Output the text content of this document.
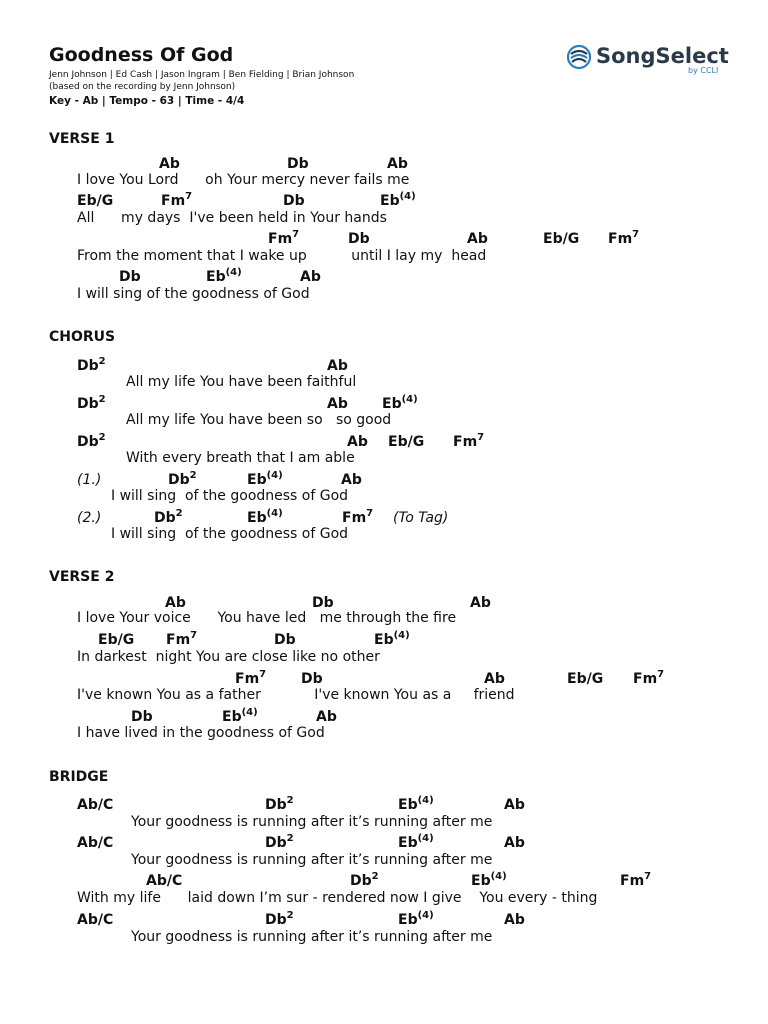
Goodness Of God
Jenn Johnson | Ed Cash | Jason Ingram | Ben Fielding | Brian Johnson
(based on the recording by Jenn Johnson)
Key - Ab | Tempo - 63 | Time - 4/4
SongSelect
by CCLI
VERSE 1
Ab	Db	Ab
I love You Lord      oh Your mercy never fails me
Eb/G	Fm$^7$	Db	Eb$^{(4)}$
All      my days  I've been held in Your hands
Fm$^7$	Db	Ab	Eb/G Fm$^7$
From the moment that I wake up          until I lay my  head
Db	Eb$^{(4)}$	Ab
I will sing of the goodness of God
CHORUS
Db$^2$	Ab
All my life You have been faithful
Db$^2$	Ab Eb$^{(4)}$
All my life You have been so   so good
Db$^2$	Ab Eb/G Fm$^7$
With every breath that I am able
Db$^2$	Eb$^{(4)}$	Ab
(1.)
I will sing  of the goodness of God
Db$^2$	Eb$^{(4)}$	Fm$^7$
(2.)	(To Tag)
I will sing  of the goodness of God
VERSE 2
Ab	Db	Ab
I love Your voice      You have led   me through the fire
Eb/G Fm$^7$	Db	Eb$^{(4)}$
In darkest  night You are close like no other
Fm$^7$ Db	Ab	Eb/G Fm$^7$
I've known You as a father            I've known You as a     friend
Db	Eb$^{(4)}$	Ab
I have lived in the goodness of God
BRIDGE
Ab/C	Db$^2$	Eb$^{(4)}$	Ab
Your goodness is running after it’s running after me
Ab/C	Db$^2$	Eb$^{(4)}$	Ab
Your goodness is running after it’s running after me
Ab/C	Db$^2$	Eb$^{(4)}$	Fm$^7$
With my life      laid down I’m sur - rendered now I give    You every - thing
Ab/C	Db$^2$	Eb$^{(4)}$	Ab
Your goodness is running after it’s running after me
